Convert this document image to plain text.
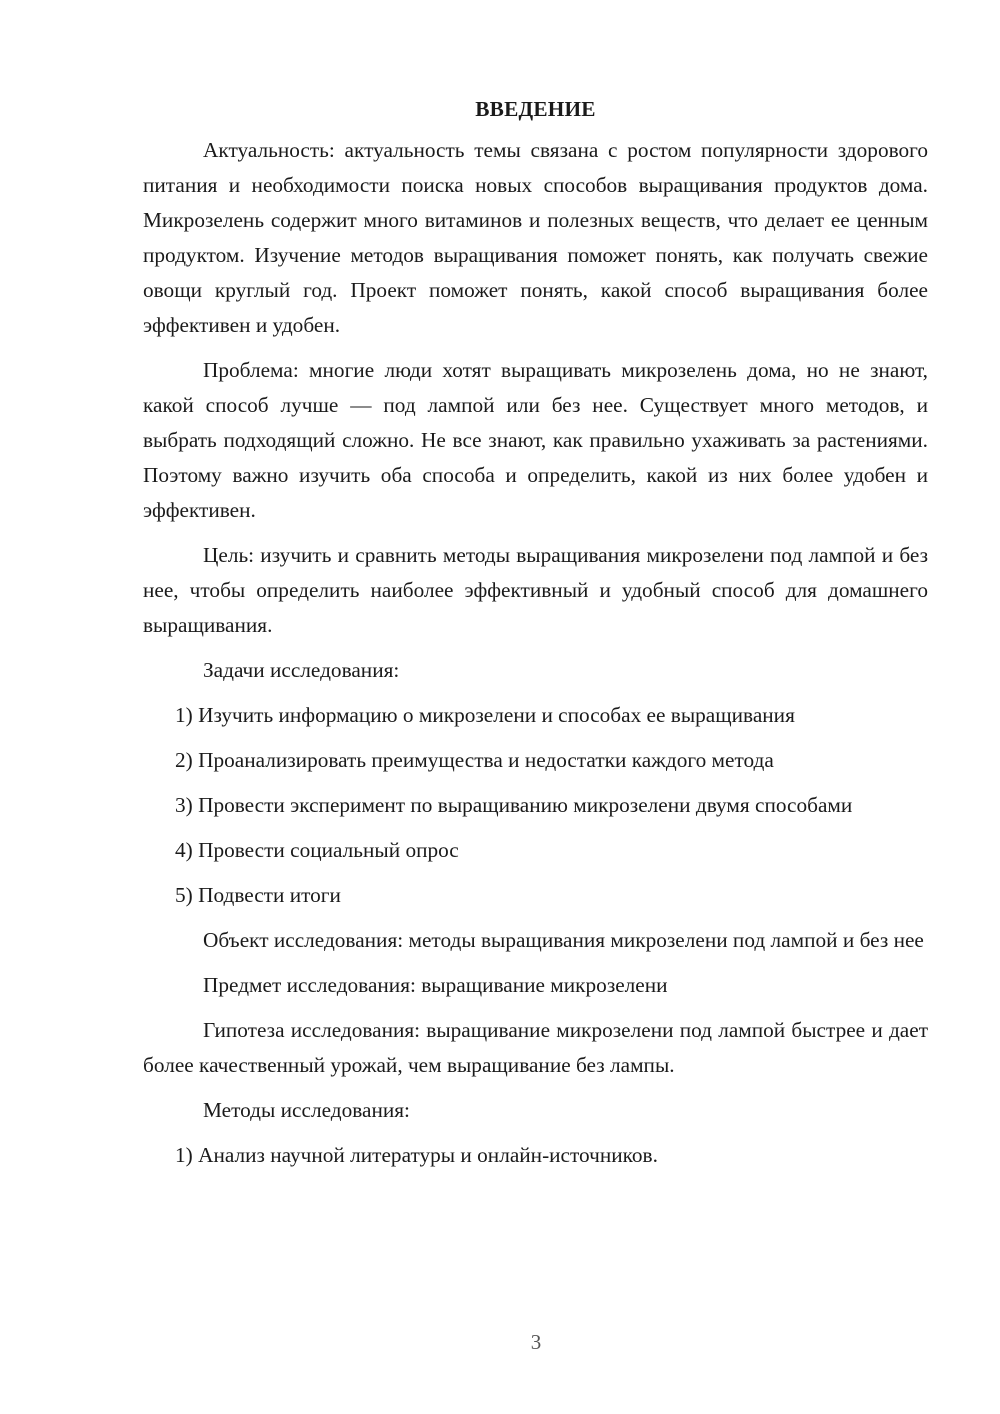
ВВЕДЕНИЕ
Актуальность: актуальность темы связана с ростом популярности здорового питания и необходимости поиска новых способов выращивания продуктов дома. Микрозелень содержит много витаминов и полезных веществ, что делает ее ценным продуктом. Изучение методов выращивания поможет понять, как получать свежие овощи круглый год. Проект поможет понять, какой способ выращивания более эффективен и удобен.
Проблема: многие люди хотят выращивать микрозелень дома, но не знают, какой способ лучше — под лампой или без нее. Существует много методов, и выбрать подходящий сложно. Не все знают, как правильно ухаживать за растениями. Поэтому важно изучить оба способа и определить, какой из них более удобен и эффективен.
Цель: изучить и сравнить методы выращивания микрозелени под лампой и без нее, чтобы определить наиболее эффективный и удобный способ для домашнего выращивания.
Задачи исследования:
1) Изучить информацию о микрозелени и способах ее выращивания
2) Проанализировать преимущества и недостатки каждого метода
3) Провести эксперимент по выращиванию микрозелени двумя способами
4) Провести социальный опрос
5) Подвести итоги
Объект исследования: методы выращивания микрозелени под лампой и без нее
Предмет исследования: выращивание микрозелени
Гипотеза исследования: выращивание микрозелени под лампой быстрее и дает более качественный урожай, чем выращивание без лампы.
Методы исследования:
1) Анализ научной литературы и онлайн-источников.
3
